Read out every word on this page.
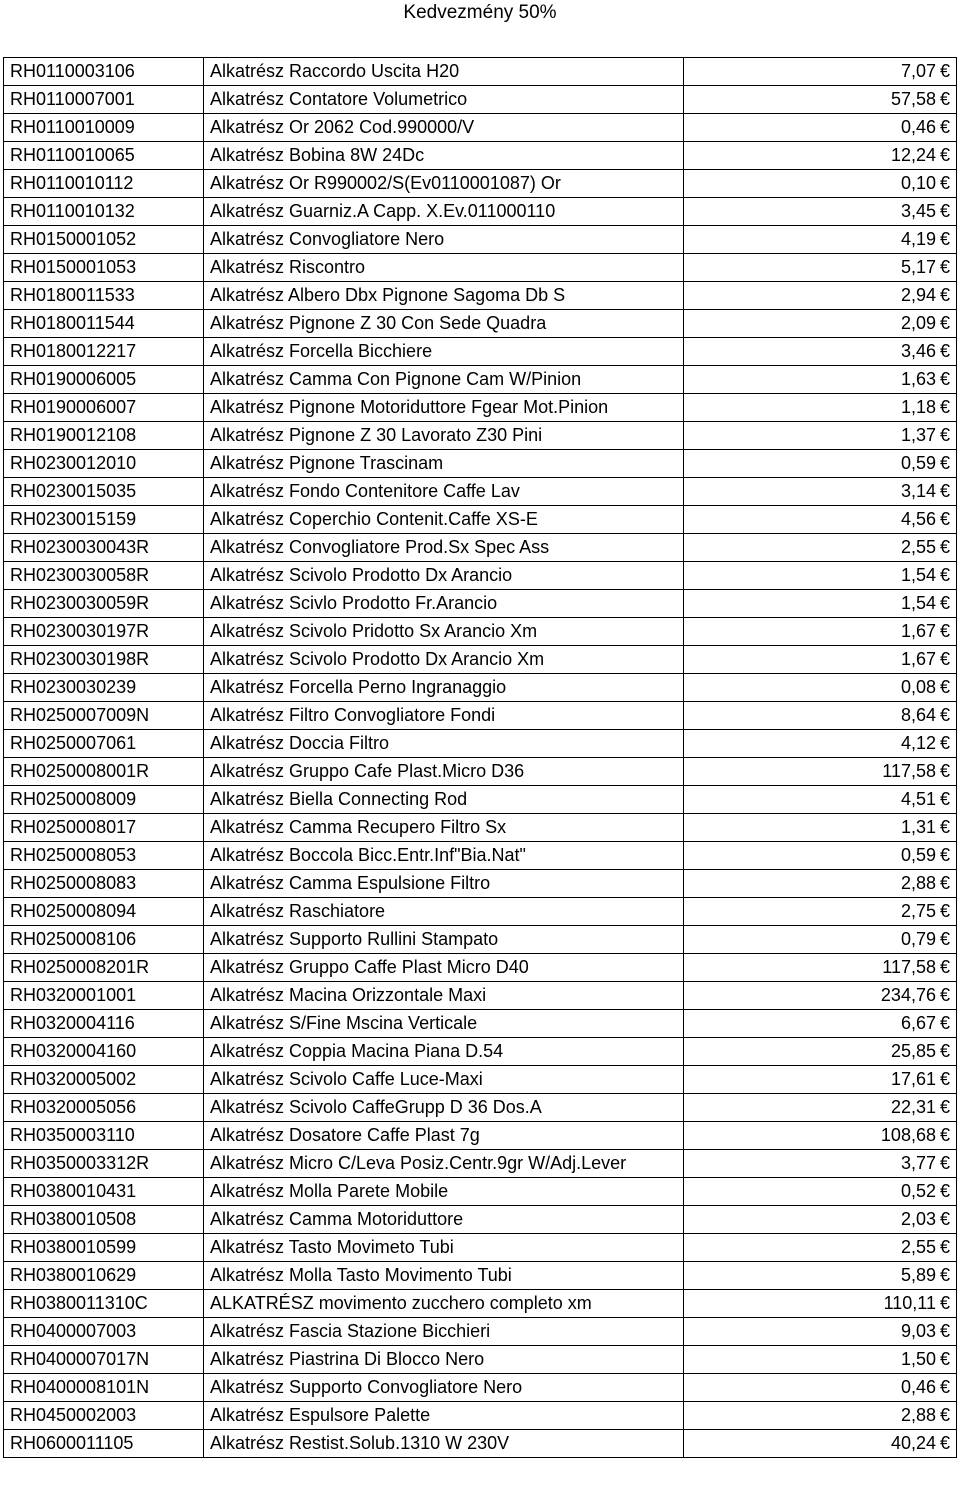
Kedvezmény 50%
RH0110003106	Alkatrész Raccordo Uscita H20	7,07 €
RH0110007001	Alkatrész Contatore Volumetrico	57,58 €
RH0110010009	Alkatrész Or 2062 Cod.990000/V	0,46 €
RH0110010065	Alkatrész Bobina 8W 24Dc	12,24 €
RH0110010112	Alkatrész Or R990002/S(Ev0110001087) Or	0,10 €
RH0110010132	Alkatrész Guarniz.A Capp. X.Ev.011000110	3,45 €
RH0150001052	Alkatrész Convogliatore Nero	4,19 €
RH0150001053	Alkatrész Riscontro	5,17 €
RH0180011533	Alkatrész Albero Dbx Pignone Sagoma Db S	2,94 €
RH0180011544	Alkatrész Pignone Z 30 Con Sede Quadra	2,09 €
RH0180012217	Alkatrész Forcella Bicchiere	3,46 €
RH0190006005	Alkatrész Camma Con Pignone Cam W/Pinion	1,63 €
RH0190006007	Alkatrész Pignone Motoriduttore Fgear Mot.Pinion	1,18 €
RH0190012108	Alkatrész Pignone Z 30 Lavorato Z30 Pini	1,37 €
RH0230012010	Alkatrész Pignone Trascinam	0,59 €
RH0230015035	Alkatrész Fondo Contenitore Caffe Lav	3,14 €
RH0230015159	Alkatrész Coperchio Contenit.Caffe XS-E	4,56 €
RH0230030043R	Alkatrész Convogliatore Prod.Sx Spec Ass	2,55 €
RH0230030058R	Alkatrész Scivolo Prodotto Dx Arancio	1,54 €
RH0230030059R	Alkatrész Scivlo Prodotto Fr.Arancio	1,54 €
RH0230030197R	Alkatrész Scivolo Pridotto Sx Arancio Xm	1,67 €
RH0230030198R	Alkatrész Scivolo Prodotto Dx Arancio Xm	1,67 €
RH0230030239	Alkatrész Forcella Perno Ingranaggio	0,08 €
RH0250007009N	Alkatrész Filtro Convogliatore Fondi	8,64 €
RH0250007061	Alkatrész Doccia Filtro	4,12 €
RH0250008001R	Alkatrész Gruppo Cafe Plast.Micro D36	117,58 €
RH0250008009	Alkatrész Biella Connecting Rod	4,51 €
RH0250008017	Alkatrész Camma Recupero Filtro Sx	1,31 €
RH0250008053	Alkatrész Boccola Bicc.Entr.Inf"Bia.Nat"	0,59 €
RH0250008083	Alkatrész Camma Espulsione Filtro	2,88 €
RH0250008094	Alkatrész Raschiatore	2,75 €
RH0250008106	Alkatrész Supporto Rullini Stampato	0,79 €
RH0250008201R	Alkatrész Gruppo Caffe Plast Micro D40	117,58 €
RH0320001001	Alkatrész Macina Orizzontale Maxi	234,76 €
RH0320004116	Alkatrész S/Fine Mscina Verticale	6,67 €
RH0320004160	Alkatrész Coppia Macina Piana D.54	25,85 €
RH0320005002	Alkatrész Scivolo Caffe Luce-Maxi	17,61 €
RH0320005056	Alkatrész Scivolo CaffeGrupp D 36 Dos.A	22,31 €
RH0350003110	Alkatrész Dosatore Caffe Plast 7g	108,68 €
RH0350003312R	Alkatrész Micro C/Leva Posiz.Centr.9gr W/Adj.Lever	3,77 €
RH0380010431	Alkatrész Molla Parete Mobile	0,52 €
RH0380010508	Alkatrész Camma Motoriduttore	2,03 €
RH0380010599	Alkatrész Tasto Movimeto Tubi	2,55 €
RH0380010629	Alkatrész Molla Tasto Movimento Tubi	5,89 €
RH0380011310C	ALKATRÉSZ movimento zucchero completo xm	110,11 €
RH0400007003	Alkatrész Fascia Stazione Bicchieri	9,03 €
RH0400007017N	Alkatrész Piastrina Di Blocco Nero	1,50 €
RH0400008101N	Alkatrész Supporto Convogliatore Nero	0,46 €
RH0450002003	Alkatrész Espulsore Palette	2,88 €
RH0600011105	Alkatrész Restist.Solub.1310 W 230V	40,24 €
